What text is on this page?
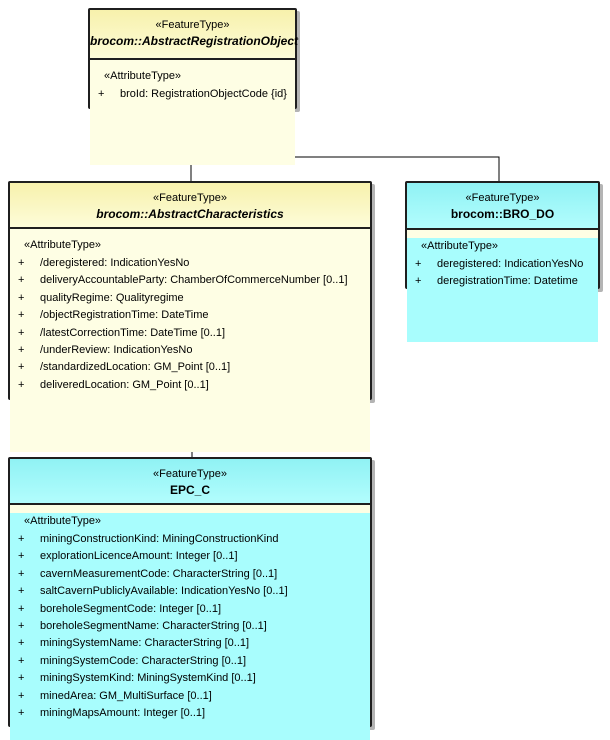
«FeatureType»
brocom::AbstractRegistrationObject
«AttributeType»
+ broId: RegistrationObjectCode {id}
«FeatureType»
brocom::AbstractCharacteristics
«AttributeType»
+ /deregistered: IndicationYesNo
+ deliveryAccountableParty: ChamberOfCommerceNumber [0..1]
+ qualityRegime: Qualityregime
+ /objectRegistrationTime: DateTime
+ /latestCorrectionTime: DateTime [0..1]
+ /underReview: IndicationYesNo
+ /standardizedLocation: GM_Point [0..1]
+ deliveredLocation: GM_Point [0..1]
«FeatureType»
brocom::BRO_DO
«AttributeType»
+ deregistered: IndicationYesNo
+ deregistrationTime: Datetime
«FeatureType»
EPC_C
«AttributeType»
+ miningConstructionKind: MiningConstructionKind
+ explorationLicenceAmount: Integer [0..1]
+ cavernMeasurementCode: CharacterString [0..1]
+ saltCavernPubliclyAvailable: IndicationYesNo [0..1]
+ boreholeSegmentCode: Integer [0..1]
+ boreholeSegmentName: CharacterString [0..1]
+ miningSystemName: CharacterString [0..1]
+ miningSystemCode: CharacterString [0..1]
+ miningSystemKind: MiningSystemKind [0..1]
+ minedArea: GM_MultiSurface [0..1]
+ miningMapsAmount: Integer [0..1]
